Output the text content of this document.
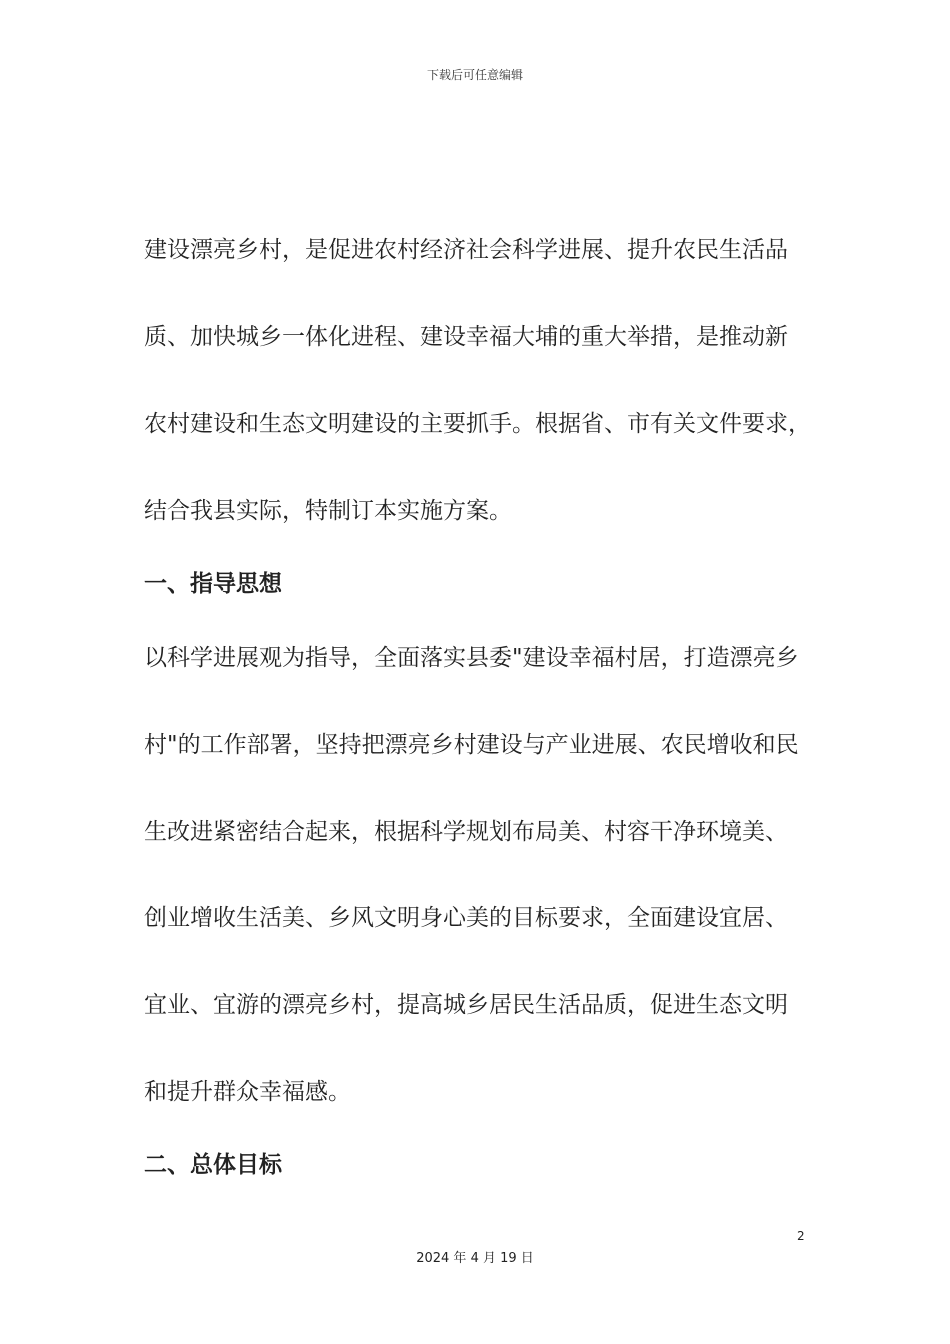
下载后可任意编辑
建设漂亮乡村，是促进农村经济社会科学进展、提升农民生活品
质、加快城乡一体化进程、建设幸福大埔的重大举措，是推动新
农村建设和生态文明建设的主要抓手。根据省、市有关文件要求，
结合我县实际，特制订本实施方案。
一、指导思想
以科学进展观为指导，全面落实县委"建设幸福村居，打造漂亮乡
村"的工作部署，坚持把漂亮乡村建设与产业进展、农民增收和民
生改进紧密结合起来，根据科学规划布局美、村容干净环境美、
创业增收生活美、乡风文明身心美的目标要求，全面建设宜居、
宜业、宜游的漂亮乡村，提高城乡居民生活品质，促进生态文明
和提升群众幸福感。
二、总体目标
2
2024 年 4 月 19 日
